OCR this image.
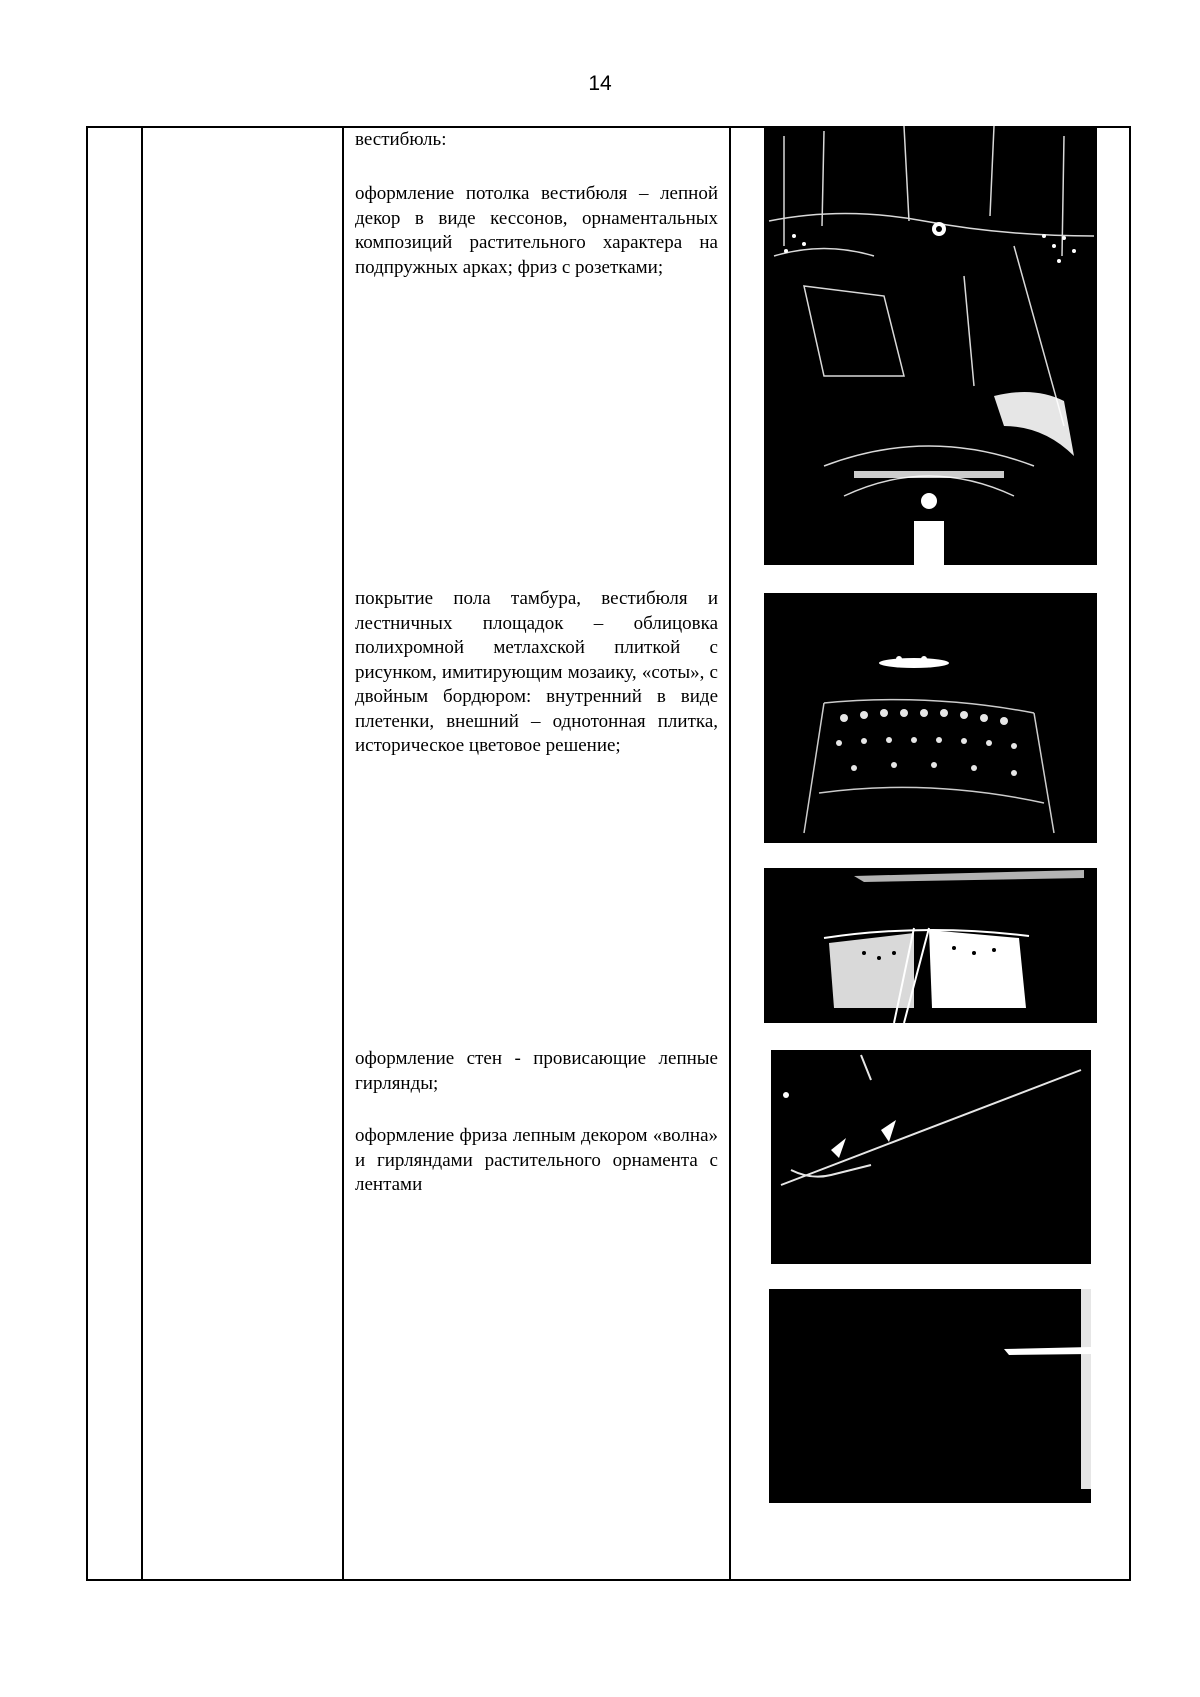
14

вестибюль:

оформление потолка вестибюля – лепной декор в виде кессонов, орнаментальных композиций растительного характера на подпружных арках; фриз с розетками;

покрытие пола тамбура, вестибюля и лестничных площадок – облицовка полихромной метлахской плиткой с рисунком, имитирующим мозаику, «соты», с двойным бордюром: внутренний в виде плетенки, внешний – однотонная плитка, историческое цветовое решение;

оформление стен - провисающие лепные гирлянды;

оформление фриза лепным декором «волна» и гирляндами растительного орнамента с лентами
